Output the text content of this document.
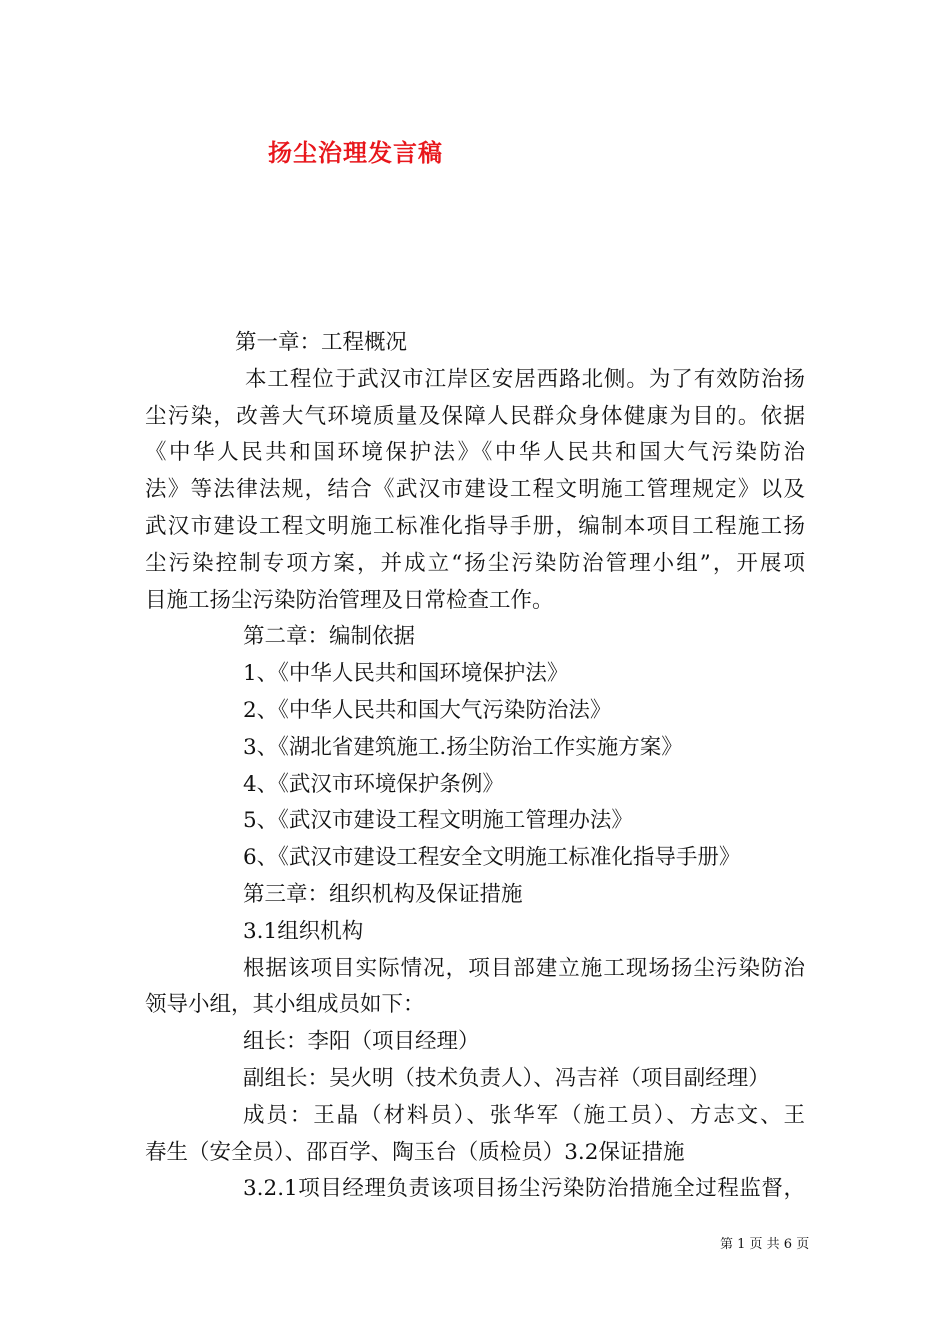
扬尘治理发言稿
第一章：工程概况
本工程位于武汉市江岸区安居西路北侧。为了有效防治扬
尘污染，改善大气环境质量及保障人民群众身体健康为目的。依据
《中华人民共和国环境保护法》《中华人民共和国大气污染防治
法》等法律法规，结合《武汉市建设工程文明施工管理规定》以及
武汉市建设工程文明施工标准化指导手册，编制本项目工程施工扬
尘污染控制专项方案，并成立“扬尘污染防治管理小组”，开展项
目施工扬尘污染防治管理及日常检查工作。
第二章：编制依据
1、《中华人民共和国环境保护法》
2、《中华人民共和国大气污染防治法》
3、《湖北省建筑施工.扬尘防治工作实施方案》
4、《武汉市环境保护条例》
5、《武汉市建设工程文明施工管理办法》
6、《武汉市建设工程安全文明施工标准化指导手册》
第三章：组织机构及保证措施
3.1组织机构
根据该项目实际情况，项目部建立施工现场扬尘污染防治
领导小组，其小组成员如下：
组长：李阳（项目经理）
副组长：吴火明（技术负责人）、冯吉祥（项目副经理）
成员：王晶（材料员）、张华军（施工员）、方志文、王
春生（安全员）、邵百学、陶玉台（质检员）3.2保证措施
3.2.1项目经理负责该项目扬尘污染防治措施全过程监督，
第 1 页 共 6 页
